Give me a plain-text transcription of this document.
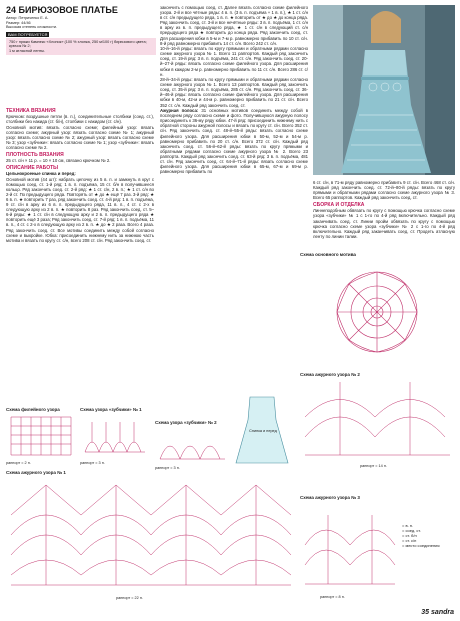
24 БИРЮЗОВОЕ ПЛАТЬЕ
Автор: Петриченко Е. А.
Размер: 44/46
Высокая степень сложности.
ВАМ ПОТРЕБУЕТСЯ
750 г пряжи Кампекс «Хлопок» (100 % хлопка, 250 м/100 г) бирюзового цвета;
крючок № 2;
1 м атласной ленты.
ТЕХНИКА ВЯЗАНИЯ

Крючком: воздушные петли (в. п.), соединительные столбики (соед. ст.), столбики без накида (ст. б/н), столбики с накидом (ст. с/н).

Основной мотив: вязать согласно схеме; филейный узор: вязать согласно схеме; ажурный узор: вязать согласно схеме № 1; ажурный узор: вязать согласно схеме № 2; ажурный узор: вязать согласно схеме № 3; узор «зубчики»: вязать согласно схеме № 1; узор «зубчики»: вязать согласно схеме № 2.

ПЛОТНОСТЬ ВЯЗАНИЯ

25 ст. с/н × 11 р. = 10 × 10 см, связано крючком № 2.

ОПИСАНИЕ РАБОТЫ

Цельнокроеные спинка и перед:

Основной мотив (44 шт): набрать цепочку из 5 в. п. и замкнуть в круг с помощью соед. ст. 1-й ряд: 1 в. п. подъёма, 15 ст. б/н в получившееся кольцо. Ряд закончить соед. ст. 2-й ряд: ★ 1 ст. с/н, 2 в. п.; ★ 1 ст. с/н во 2-й ст. По предыдущего ряда. Повторять от ★ до ★ ещё 7 раз. 3-й ряд: ★ 6 в. п. ★ повторить 7 раз, ряд закончить соед. ст. 4-й ряд: 1 в. п. подъёма, 9 ст. с/н в арку из 6 в. п. предыдущего ряда, 11 в. п., 4 ст. с 2-х в следующую арку из 2 в. п. ★ повторить 8 раз. Ряд закончить соед. ст. 5–6-й ряды: ★ 1 ст. с/н в следующую арку и 2 в. п. предыдущего ряда ★ повторить ещё 3 раза; Ряд закончить соед. ст. 7-й ряд: 1 в. п. подъёма, 11 в. п., 4 ст. с 2-х в следующую арку из 2 в. п. ★ до ★ 2 раза. Всего 4 раза. Ряд закончить соед. ст. Все мотивы соединить между собой согласно схеме и выкройке. Юбка: присоединить нижнему нить за нижнюю часть мотива и вязать по кругу ст. с/н, всего 208 ст. с/н. Ряд закончить соед. ст.

закончить с помощью соед. ст. Далее вязать согласно схеме филейного узора. 2-й и все чётные ряды: 4 в. п. (3 в. п. подъёма + 1 в. п.), ★ 1 ст. с/н в ст. с/н предыдущего ряда, 1 в. п. ★ повторить от ★ до ★ до конца ряда. Ряд закончить соед. ст. 3-й и все нечётные ряды: 3 в. п. подъёма, 1 ст. с/н в арку из в. п. предыдущего ряда, ★ 1 ст. с/н в следующий ст. с/н предыдущего ряда ★ повторить до конца ряда. Ряд закончить соед. ст. Для расширения юбки в 5-м и 7-м р. равномерно прибавить по 10 ст. с/н. 8-й ряд равномерно прибавить 14 ст. с/н. Всего 242 ст. с/н.

10-й–16-й ряды: вязать по кругу прямыми и обратными рядами согласно схеме ажурного узора № 1. Всего 11 раппортов. Каждый ряд закончить соед. ст. 19-й ряд: 3 в. п. подъёма, 241 ст. с/н. Ряд закончить соед. ст. 20-й–27-й ряды: вязать согласно схеме филейного узора. Для расширения юбки в каждом 2-м р. равномерно прибавить по 11 ст. с/н. Всего 286 ст. с/н.

28-й–34-й ряды: вязать по кругу прямыми и обратными рядами согласно схеме ажурного узора № 1. Всего 13 раппортов. Каждый ряд закончить соед. ст. 35-й ряд: 3 в. п. подъёма, 285 ст. с/н. Ряд закончить соед. ст. 36-й–46-й ряды: вязать согласно схеме филейного узора. Для расширения юбки в 40-м, 42-м и 44-м р. равномерно прибавить по 21 ст. с/н. Всего 352 ст. с/н. Каждый ряд закончить соед. ст.

Ажурная полоса: 31 основных мотивов соединить между собой в последнем ряду согласно схеме и фото. Получившуюся ажурную полосу присоединить к 36-му ряду юбки. 47-й ряд: присоединить нижнему нить с обратной стороны ажурной полосы и вязать по кругу ст. с/н. Всего 352 ст. с/н. Ряд закончить соед. ст. 48-й–55-й ряды: вязать согласно схеме филейного узора. Для расширения юбки в 50-м, 52-м и 54-м р. равномерно прибавить по 20 ст. с/н. Всего 372 ст. с/н. Каждый ряд закончить соед. ст. 56-й–62-й ряды: вязать по кругу прямыми и обратными рядами согласно схеме ажурного узора № 2. Всего 23 раппорта. Каждый ряд закончить соед. ст. 63-й ряд: 3 в. п. подъёма, 481 ст. с/н. Ряд закончить соед. ст. 64-й–71-й ряды: вязать согласно схеме филейного узора. Для расширения юбки в 65-м, 67-м и 69-м р. равномерно прибавить по

6 ст. с/н, в 71-м ряду равномерно прибавить 9 ст. с/н. Всего 468 ст. с/н. Каждый ряд закончить соед. ст. 72-й–80-й ряды: вязать по кругу прямыми и обратными рядами согласно схеме ажурного узора № 3. Всего 65 раппортов. Каждый ряд закончить соед. ст.

СБОРКА И ОТДЕЛКА

Линнеподобным обвязать по кругу с помощью крючка согласно схеме узора «зубчики» № 1 с 1-го по 4-й ряд включительно. Каждый ряд заканчивать соед. ст. Линии пройм обвязать по кругу с помощью крючка согласно схеме узора «зубчики» № 2 с 1-го по 4-й ряд включительно. Каждый ряд заканчивать соед. ст. Продеть атласную ленту по линии талии.

Схема основного мотива
Схема филейного узора
раппорт = 2 п.
Схема узора «зубчики» № 1
раппорт = 3 п.
Схема узора «зубчики» № 2
раппорт = 3 п.
Спинка и перед
Схема ажурного узора № 1
раппорт = 22 п.
Схема ажурного узора № 2
раппорт = 14 п.
Схема ажурного узора № 3
раппорт = 8 п.
= в. п.
= соед. ст.
= ст. б/н
= ст. с/н
= место соединения
35 sandra
